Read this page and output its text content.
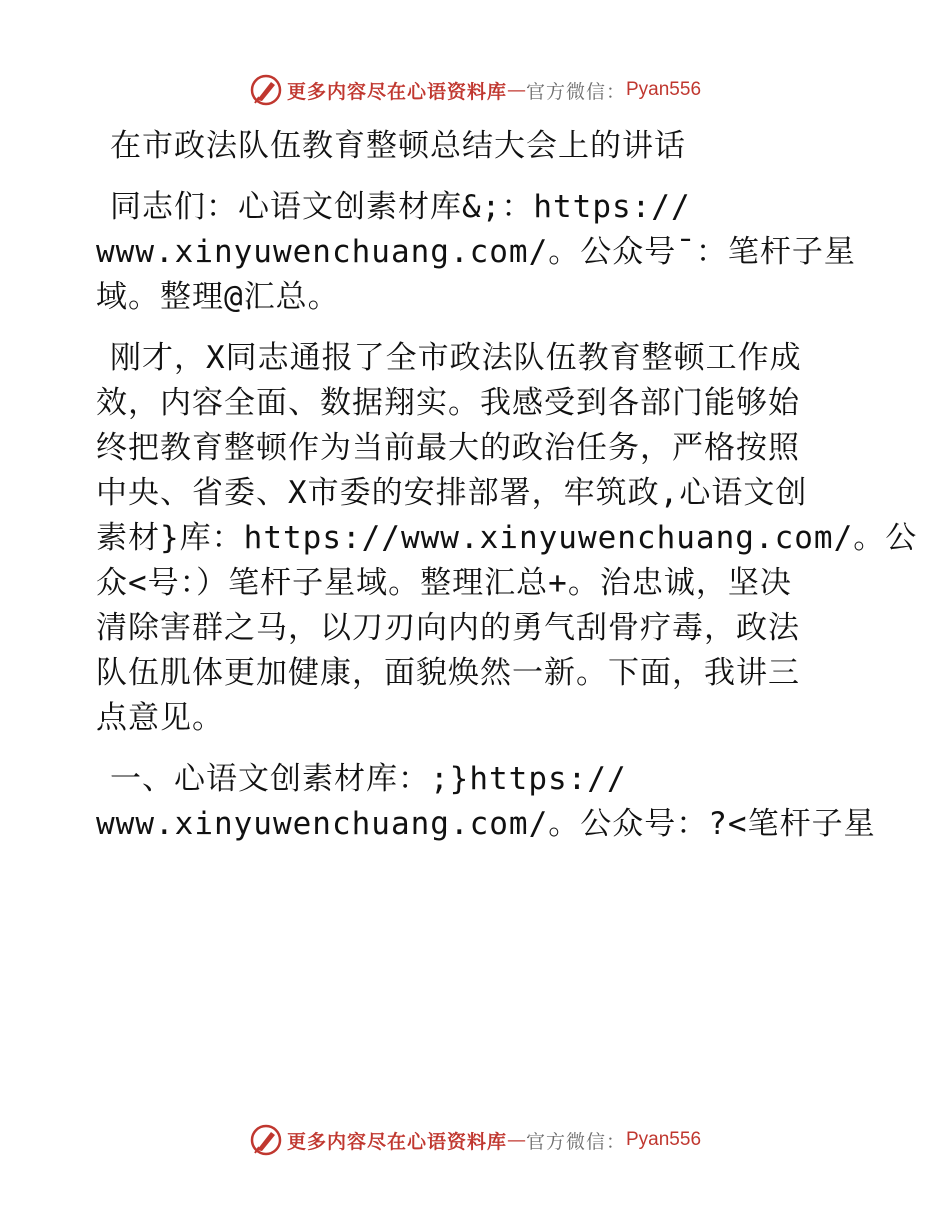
更多内容尽在心语资料库 — 官方微信： Pyan556
在市政法队伍教育整顿总结大会上的讲话
同志们：心语文创素材库&;：https://
www.xinyuwenchuang.com/。公众号¯：笔杆子星
域。整理@汇总。
刚才，X同志通报了全市政法队伍教育整顿工作成
效，内容全面、数据翔实。我感受到各部门能够始
终把教育整顿作为当前最大的政治任务，严格按照
中央、省委、X市委的安排部署，牢筑政,心语文创
素材}库：https://www.xinyuwenchuang.com/。公
众<号：）笔杆子星域。整理汇总+。治忠诚，坚决
清除害群之马，以刀刃向内的勇气刮骨疗毒，政法
队伍肌体更加健康，面貌焕然一新。下面，我讲三
点意见。
一、心语文创素材库：;}https://
www.xinyuwenchuang.com/。公众号：?<笔杆子星
更多内容尽在心语资料库 — 官方微信： Pyan556
